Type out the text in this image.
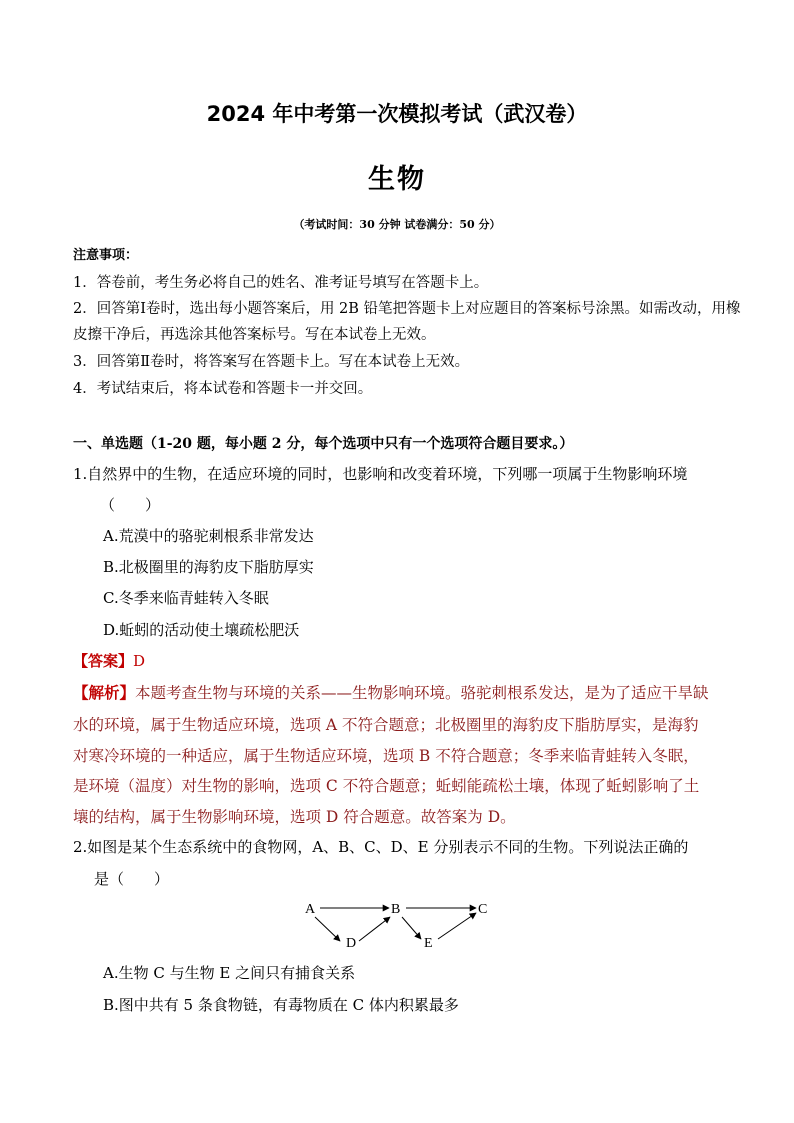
2024 年中考第一次模拟考试（武汉卷）
生物
（考试时间：30 分钟 试卷满分：50 分）
注意事项：
1．答卷前，考生务必将自己的姓名、准考证号填写在答题卡上。
2．回答第Ⅰ卷时，选出每小题答案后，用 2B 铅笔把答题卡上对应题目的答案标号涂黑。如需改动，用橡
皮擦干净后，再选涂其他答案标号。写在本试卷上无效。
3．回答第Ⅱ卷时，将答案写在答题卡上。写在本试卷上无效。
4．考试结束后，将本试卷和答题卡一并交回。
一、单选题（1-20 题，每小题 2 分，每个选项中只有一个选项符合题目要求。）
1.自然界中的生物，在适应环境的同时，也影响和改变着环境，下列哪一项属于生物影响环境
（　　）
A.荒漠中的骆驼刺根系非常发达
B.北极圈里的海豹皮下脂肪厚实
C.冬季来临青蛙转入冬眠
D.蚯蚓的活动使土壤疏松肥沃
【答案】D
【解析】本题考查生物与环境的关系——生物影响环境。骆驼刺根系发达，是为了适应干旱缺
水的环境，属于生物适应环境，选项 A 不符合题意；北极圈里的海豹皮下脂肪厚实，是海豹
对寒冷环境的一种适应，属于生物适应环境，选项 B 不符合题意；冬季来临青蛙转入冬眠，
是环境（温度）对生物的影响，选项 C 不符合题意；蚯蚓能疏松土壤，体现了蚯蚓影响了土
壤的结构，属于生物影响环境，选项 D 符合题意。故答案为 D。
2.如图是某个生态系统中的食物网，A、B、C、D、E 分别表示不同的生物。下列说法正确的
是（　　）
A	B	C
D	E
A.生物 C 与生物 E 之间只有捕食关系
B.图中共有 5 条食物链，有毒物质在 C 体内积累最多
